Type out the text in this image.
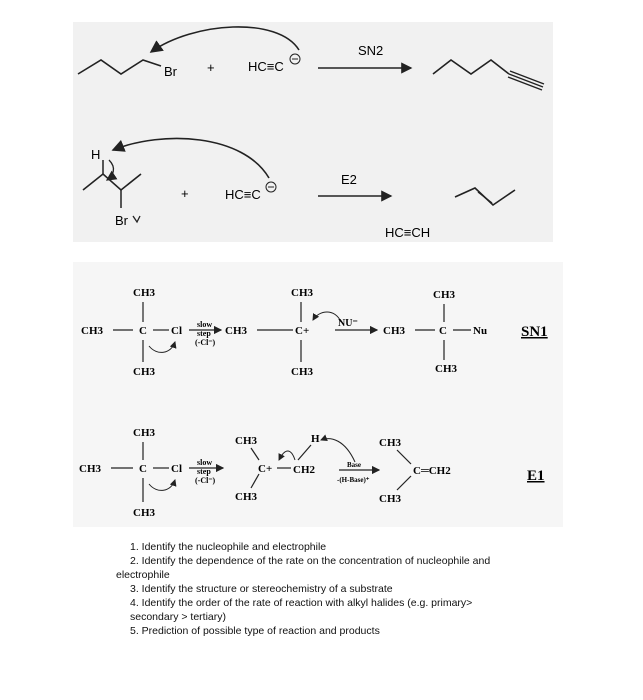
Br +	HC≡C
SN2
H
Br
+	HC≡C
E2
HC≡CH
CH3
CH3
CH3
C Cl
slow
step
(-Cl⁻)
CH3
CH3
CH3
C+
NU⁻
CH3
CH3
CH3
C Nu SN1
CH3
CH3
CH3
C Cl
slow
step
(-Cl⁻)
CH3
CH3
C+ CH2
H
Base
-(H-Base)⁺
CH3
CH3
C═CH2	E1
1. Identify the nucleophile and electrophile
2. Identify the dependence of the rate on the concentration of nucleophile and
electrophile
3. Identify the structure or stereochemistry of a substrate
4. Identify the order of the rate of reaction with alkyl halides (e.g. primary>
secondary > tertiary)
5. Prediction of possible type of reaction and products
